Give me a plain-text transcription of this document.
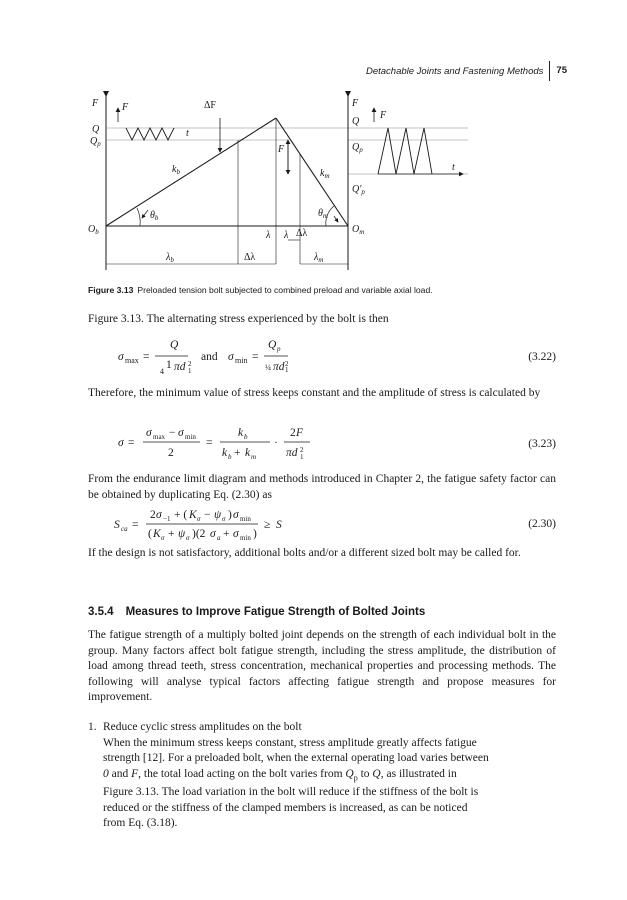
Detachable Joints and Fastening Methods	75
F
Q
$Q_p$
F
t
ΔF
$k_b$
$\theta_b$
$O_b$
$\lambda_b$	Δλ
F
$k_m$
$\theta_m$
λ λ Δλ
$\lambda_m$
F
Q
$Q_p$
$Q'_p$
$O_m$
F
t
Figure 3.13 Preloaded tension bolt subjected to combined preload and variable axial load.
Figure 3.13. The alternating stress experienced by the bolt is then
σ max =
Q
1
4 πd 2
1
and σ min =
Q p
¼ πd 2
1
(3.22)
Therefore, the minimum value of stress keeps constant and the amplitude of stress is calculated by
σ =
σ max − σ min
2
=
k b
k b + k m
·
2 F
πd 2
1
(3.23)
From the endurance limit diagram and methods introduced in Chapter 2, the fatigue safety factor can be obtained by duplicating Eq. (2.30) as
S ca =
2 σ −1 + ( K σ − ψ σ ) σ min
( K σ + ψ σ )(2 σ a + σ min )
≥ S	(2.30)
If the design is not satisfactory, additional bolts and/or a different sized bolt may be called for.
3.5.4 Measures to Improve Fatigue Strength of Bolted Joints
The fatigue strength of a multiply bolted joint depends on the strength of each individual bolt in the group. Many factors affect bolt fatigue strength, including the stress amplitude, the distribution of load among thread teeth, stress concentration, mechanical properties and processing methods. The following will analyse typical factors affecting fatigue strength and propose measures for improvement.
1. Reduce cyclic stress amplitudes on the bolt
When the minimum stress keeps constant, stress amplitude greatly affects fatigue
strength [12]. For a preloaded bolt, when the external operating load varies between
0 and F, the total load acting on the bolt varies from $Q_p$ to Q, as illustrated in
Figure 3.13. The load variation in the bolt will reduce if the stiffness of the bolt is
reduced or the stiffness of the clamped members is increased, as can be noticed
from Eq. (3.18).
